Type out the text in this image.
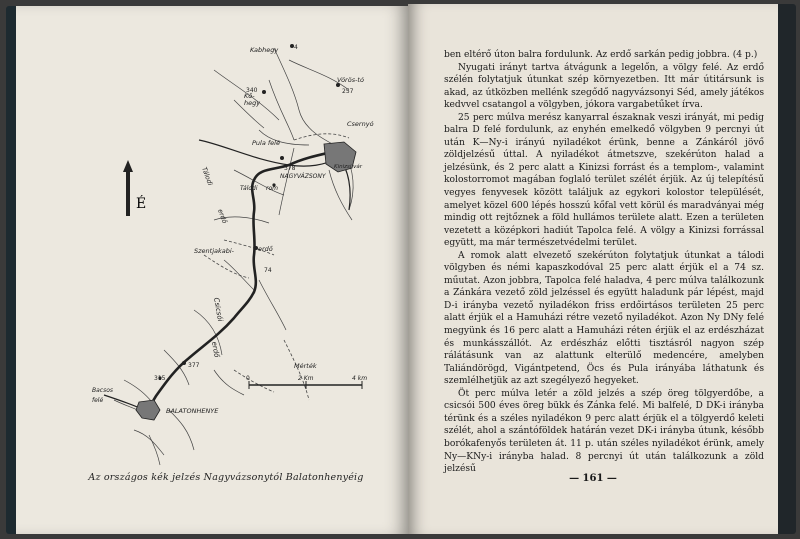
É
Kabhegy	4
Vörös-tó
257
340
Kő-
hegy
Csernyó
Pula felé
Kinizsi vár
Tálodi
erdő
378
NAGYVÁZSONY
Tálodi rom
Szentjakabi-	erdő
74
Csicsói
erdő
Mérték
0	2 Km	4 km
377
315
Bacsos
felé
BALATONHENYE
Az országos kék jelzés Nagyvázsonytól Balatonhenyéig

ben eltérő úton balra fordulunk. Az erdő sarkán pedig jobbra. (4 p.)

Nyugati irányt tartva átvágunk a legelőn, a völgy felé. Az erdő szélén folytatjuk útunkat szép környezetben. Itt már útitársunk is akad, az útközben mellénk szegődő nagyvázsonyi Séd, amely játékos kedvvel csatangol a völgyben, jókora vargabetűket írva.

25 perc múlva merész kanyarral északnak veszi irányát, mi pedig balra D felé fordulunk, az enyhén emelkedő völgyben 9 percnyi út után K—Ny-i irányú nyiladékot érünk, benne a Zánkáról jövő zöldjelzésű úttal. A nyiladékot átmetszve, szekérúton halad a jelzésünk, és 2 perc alatt a Kinizsi forrást és a templom-, valamint kolostorromot magában foglaló terület szélét érjük. Az új telepítésű vegyes fenyvesek között találjuk az egykori kolostor települését, amelyet közel 600 lépés hosszú kőfal vett körül és maradványai még mindig ott rejtőznek a föld hullámos területe alatt. Ezen a területen vezetett a középkori hadiút Tapolca felé. A völgy a Kinizsi forrással együtt, ma már természetvédelmi terület.

A romok alatt elvezető szekérúton folytatjuk útunkat a tálodi völgyben és némi kapaszkodóval 25 perc alatt érjük el a 74 sz. műutat. Azon jobbra, Tapolca felé haladva, 4 perc múlva találkozunk a Zánkára vezető zöld jelzéssel és együtt haladunk pár lépést, majd D-i irányba vezető nyiladékon friss erdőirtásos területen 25 perc alatt érjük el a Hamuházi rétre vezető nyiladékot. Azon Ny DNy felé megyünk és 16 perc alatt a Hamuházi réten érjük el az erdészházat és munkásszállót. Az erdészház előtti tisztásról nagyon szép rálátásunk van az alattunk elterülő medencére, amelyben Taliándörögd, Vigántpetend, Öcs és Pula irányába láthatunk és szemlélhetjük az azt szegélyező hegyeket.

Öt perc múlva letér a zöld jelzés a szép öreg tölgyerdőbe, a csicsói 500 éves öreg bükk és Zánka felé. Mi balfelé, D DK-i irányba térünk és a széles nyiladékon 9 perc alatt érjük el a tölgyerdő keleti szélét, ahol a szántóföldek határán vezet DK-i irányba útunk, később borókafenyős területen át. 11 p. után széles nyiladékot érünk, amely Ny—KNy-i irányba halad. 8 percnyi út után találkozunk a zöld jelzésű

— 161 —
